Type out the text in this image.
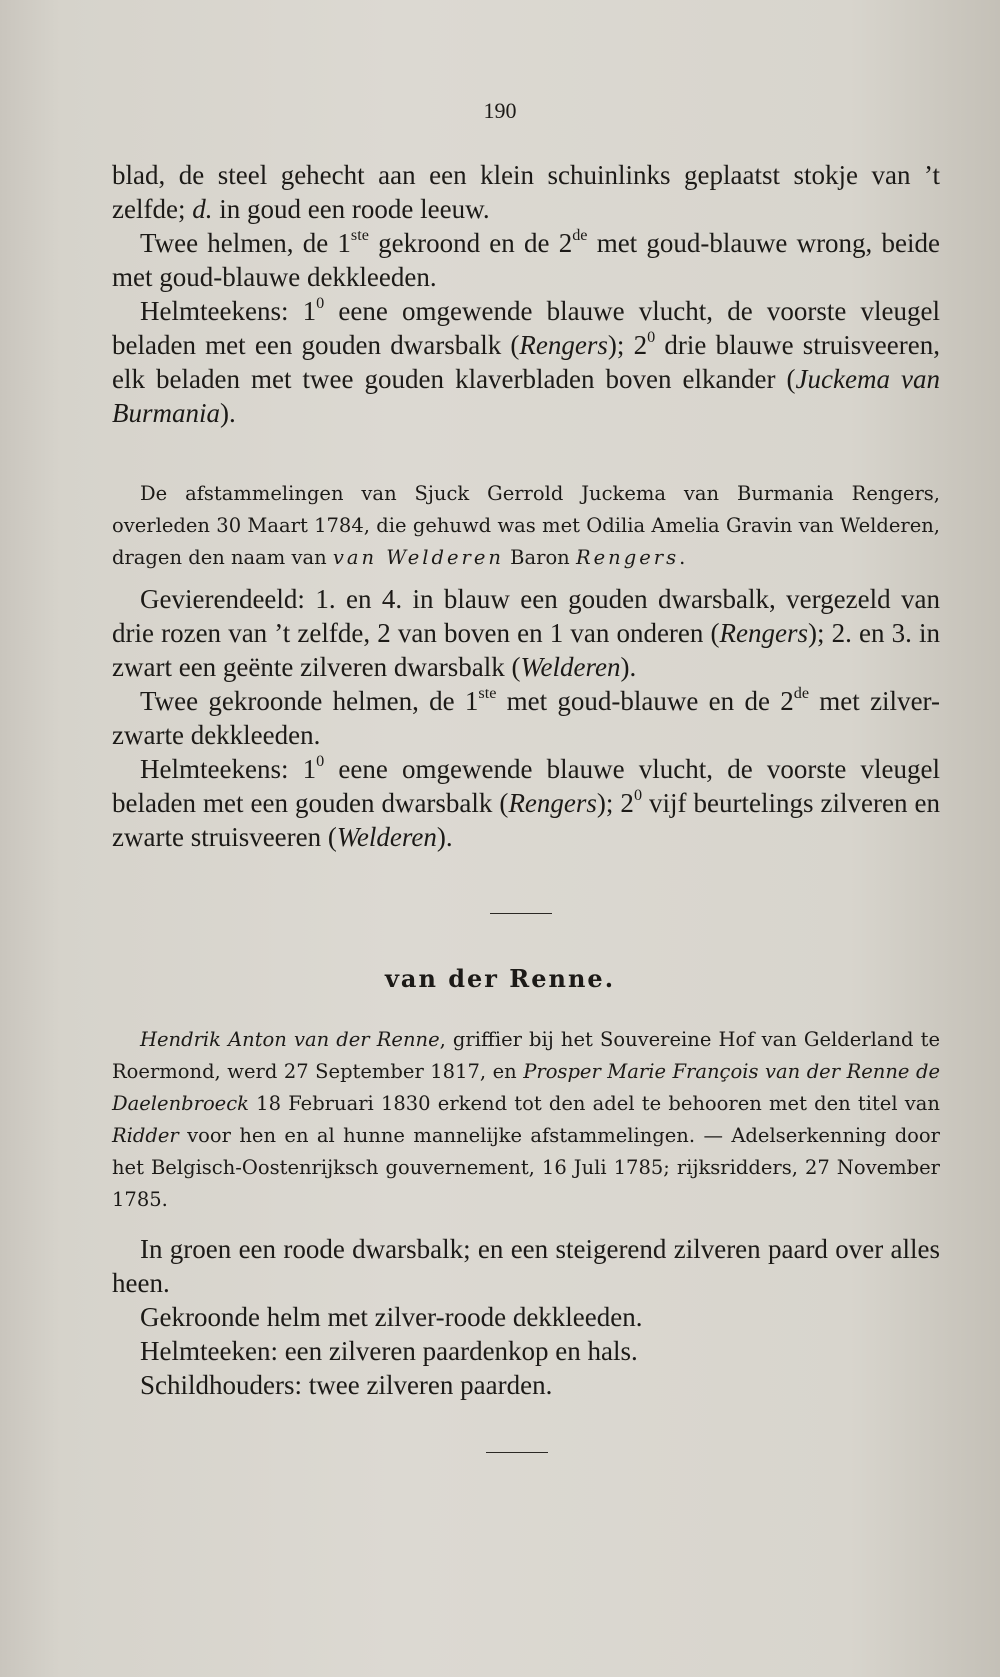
190

blad, de steel gehecht aan een klein schuinlinks geplaatst stokje van ’t zelfde; d. in goud een roode leeuw.

Twee helmen, de 1ste gekroond en de 2de met goud-blauwe wrong, beide met goud-blauwe dekkleeden.

Helmteekens: $1^0$ eene omgewende blauwe vlucht, de voorste vleugel beladen met een gouden dwarsbalk (Rengers); $2^0$ drie blauwe struisveeren, elk beladen met twee gouden klaverbladen boven elkander (Juckema van Burmania).

De afstammelingen van Sjuck Gerrold Juckema van Burmania Rengers, overleden 30 Maart 1784, die gehuwd was met Odilia Amelia Gravin van Welderen, dragen den naam van van Welderen Baron Rengers.

Gevierendeeld: 1. en 4. in blauw een gouden dwarsbalk, vergezeld van drie rozen van ’t zelfde, 2 van boven en 1 van onderen (Rengers); 2. en 3. in zwart een geënte zilveren dwarsbalk (Welderen).

Twee gekroonde helmen, de 1ste met goud-blauwe en de 2de met zilver-zwarte dekkleeden.

Helmteekens: $1^0$ eene omgewende blauwe vlucht, de voorste vleugel beladen met een gouden dwarsbalk (Rengers); $2^0$ vijf beurtelings zilveren en zwarte struisveeren (Welderen).

van der Renne.

Hendrik Anton van der Renne, griffier bij het Souvereine Hof van Gelderland te Roermond, werd 27 September 1817, en Prosper Marie François van der Renne de Daelenbroeck 18 Februari 1830 erkend tot den adel te behooren met den titel van Ridder voor hen en al hunne mannelijke afstammelingen. — Adelserkenning door het Belgisch-Oostenrijksch gouvernement, 16 Juli 1785; rijksridders, 27 November 1785.

In groen een roode dwarsbalk; en een steigerend zilveren paard over alles heen.

Gekroonde helm met zilver-roode dekkleeden.

Helmteeken: een zilveren paardenkop en hals.

Schildhouders: twee zilveren paarden.
